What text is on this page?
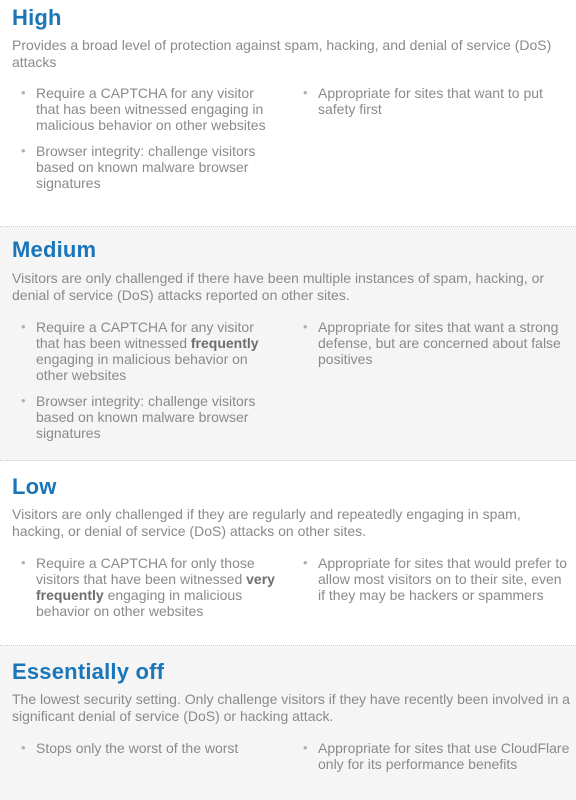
High

Provides a broad level of protection against spam, hacking, and denial of service (DoS) attacks

• Require a CAPTCHA for any visitor that has been witnessed engaging in malicious behavior on other websites
• Browser integrity: challenge visitors based on known malware browser signatures
• Appropriate for sites that want to put safety first
Medium

Visitors are only challenged if there have been multiple instances of spam, hacking, or denial of service (DoS) attacks reported on other sites.

• Require a CAPTCHA for any visitor that has been witnessed frequently engaging in malicious behavior on other websites
• Browser integrity: challenge visitors based on known malware browser signatures
• Appropriate for sites that want a strong defense, but are concerned about false positives
Low

Visitors are only challenged if they are regularly and repeatedly engaging in spam, hacking, or denial of service (DoS) attacks on other sites.

• Require a CAPTCHA for only those visitors that have been witnessed very frequently engaging in malicious behavior on other websites
• Appropriate for sites that would prefer to allow most visitors on to their site, even if they may be hackers or spammers
Essentially off

The lowest security setting. Only challenge visitors if they have recently been involved in a significant denial of service (DoS) or hacking attack.

• Stops only the worst of the worst	• Appropriate for sites that use CloudFlare only for its performance benefits
